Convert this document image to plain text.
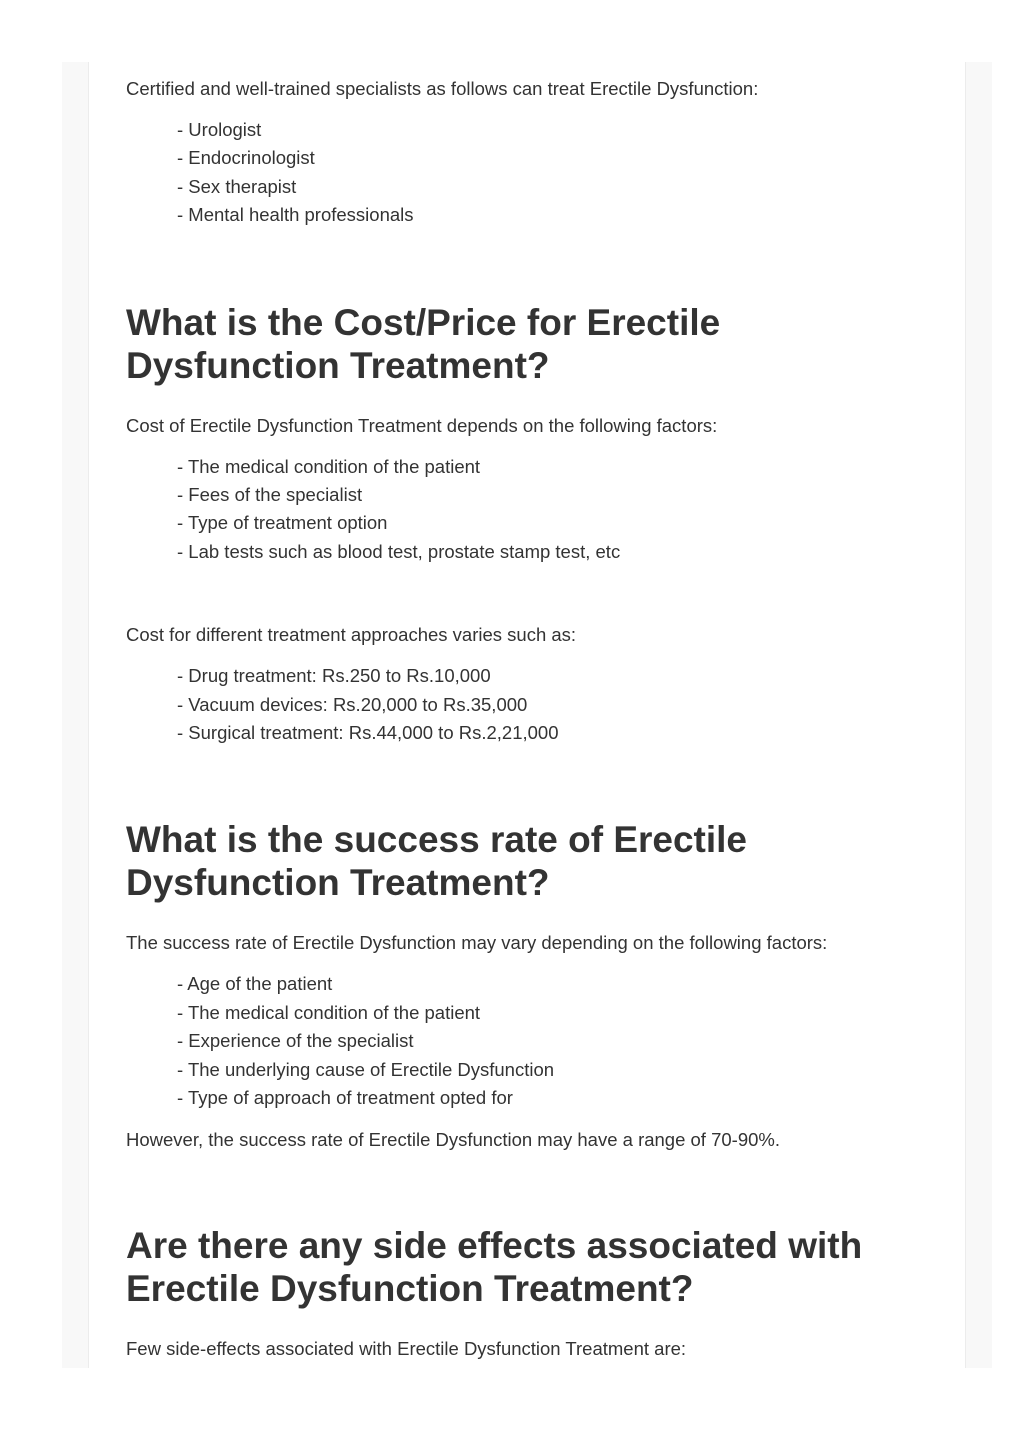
Certified and well-trained specialists as follows can treat Erectile Dysfunction:

- Urologist
- Endocrinologist
- Sex therapist
- Mental health professionals
What is the Cost/Price for Erectile Dysfunction Treatment?

Cost of Erectile Dysfunction Treatment depends on the following factors:

- The medical condition of the patient
- Fees of the specialist
- Type of treatment option
- Lab tests such as blood test, prostate stamp test, etc

Cost for different treatment approaches varies such as:

- Drug treatment: Rs.250 to Rs.10,000
- Vacuum devices: Rs.20,000 to Rs.35,000
- Surgical treatment: Rs.44,000 to Rs.2,21,000
What is the success rate of Erectile Dysfunction Treatment?

The success rate of Erectile Dysfunction may vary depending on the following factors:

- Age of the patient
- The medical condition of the patient
- Experience of the specialist
- The underlying cause of Erectile Dysfunction
- Type of approach of treatment opted for

However, the success rate of Erectile Dysfunction may have a range of 70-90%.

Are there any side effects associated with Erectile Dysfunction Treatment?

Few side-effects associated with Erectile Dysfunction Treatment are:
